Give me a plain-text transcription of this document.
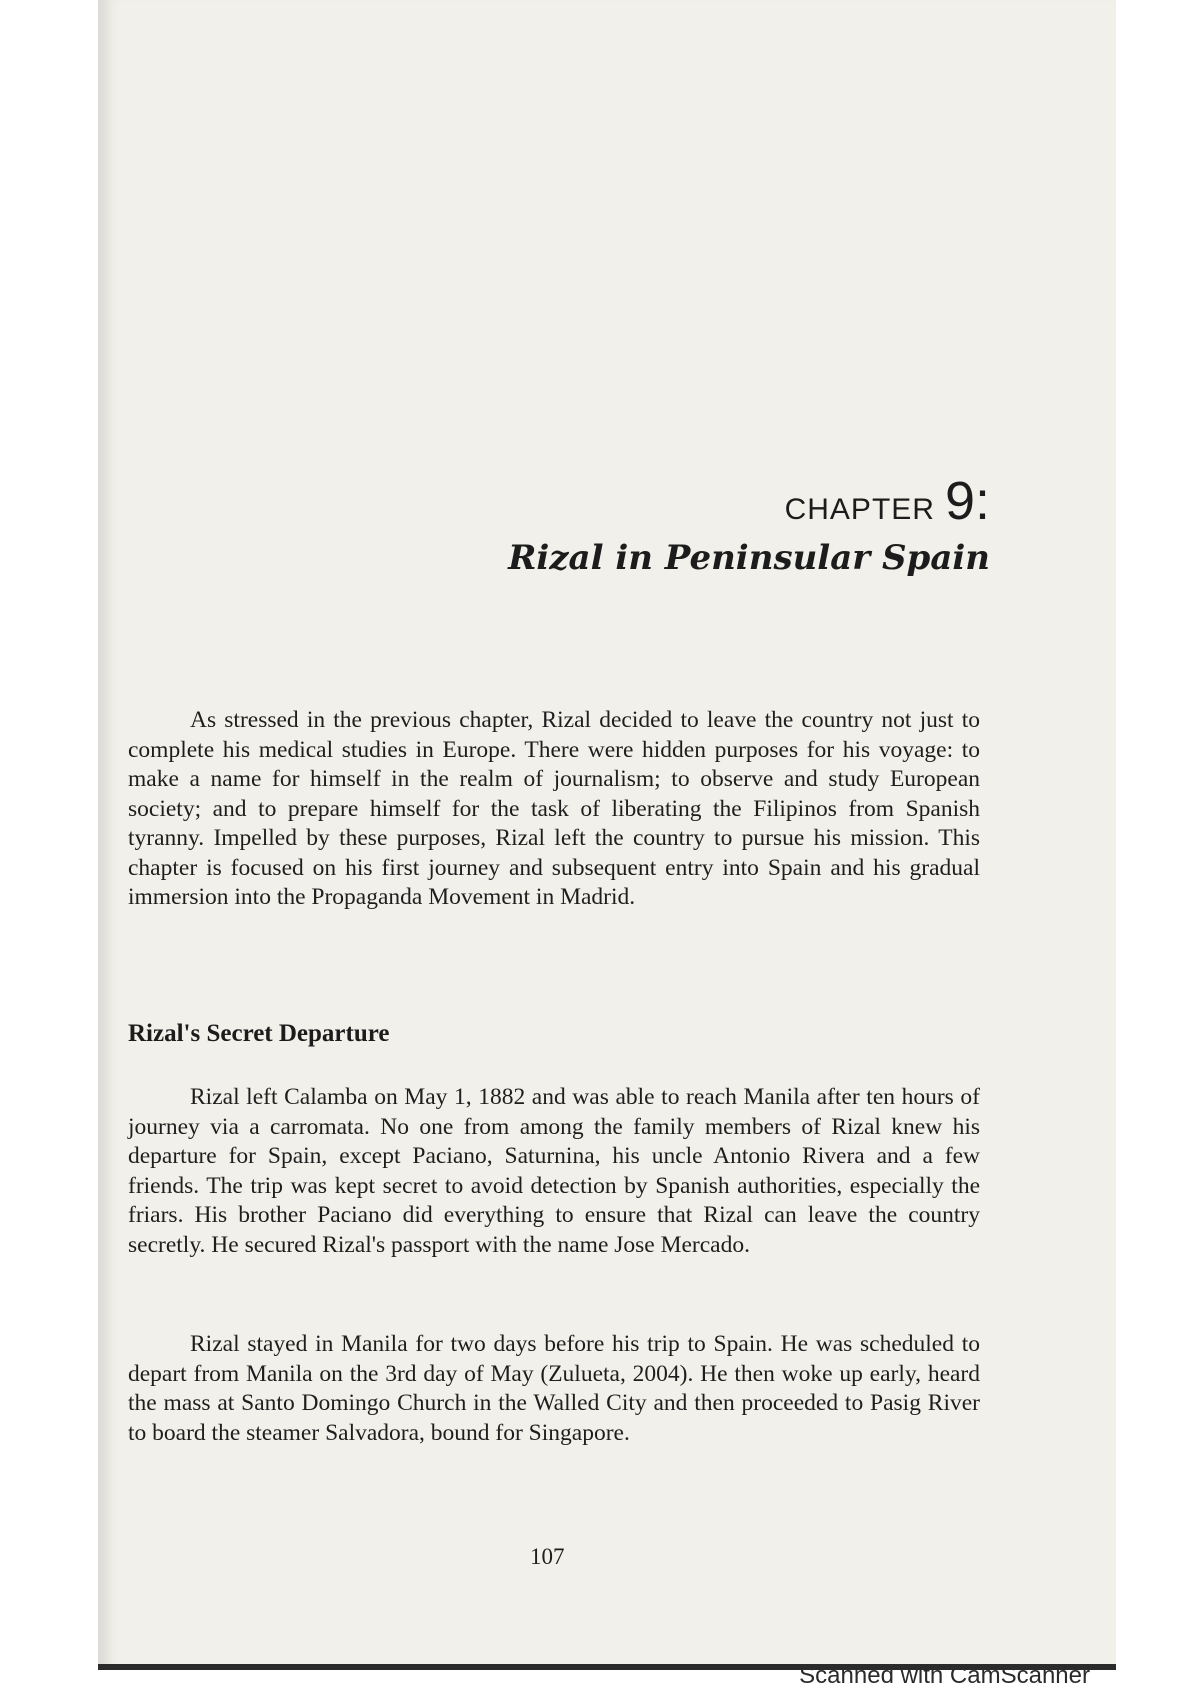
CHAPTER 9:
Rizal in Peninsular Spain

As stressed in the previous chapter, Rizal decided to leave the country not just to complete his medical studies in Europe. There were hidden purposes for his voyage: to make a name for himself in the realm of journalism; to observe and study European society; and to prepare himself for the task of liberating the Filipinos from Spanish tyranny. Impelled by these purposes, Rizal left the country to pursue his mission. This chapter is focused on his first journey and subsequent entry into Spain and his gradual immersion into the Propaganda Movement in Madrid.

Rizal's Secret Departure

Rizal left Calamba on May 1, 1882 and was able to reach Manila after ten hours of journey via a carromata. No one from among the family members of Rizal knew his departure for Spain, except Paciano, Saturnina, his uncle Antonio Rivera and a few friends. The trip was kept secret to avoid detection by Spanish authorities, especially the friars. His brother Paciano did everything to ensure that Rizal can leave the country secretly. He secured Rizal's passport with the name Jose Mercado.

Rizal stayed in Manila for two days before his trip to Spain. He was scheduled to depart from Manila on the 3rd day of May (Zulueta, 2004). He then woke up early, heard the mass at Santo Domingo Church in the Walled City and then proceeded to Pasig River to board the steamer Salvadora, bound for Singapore.

107
Scanned with CamScanner
